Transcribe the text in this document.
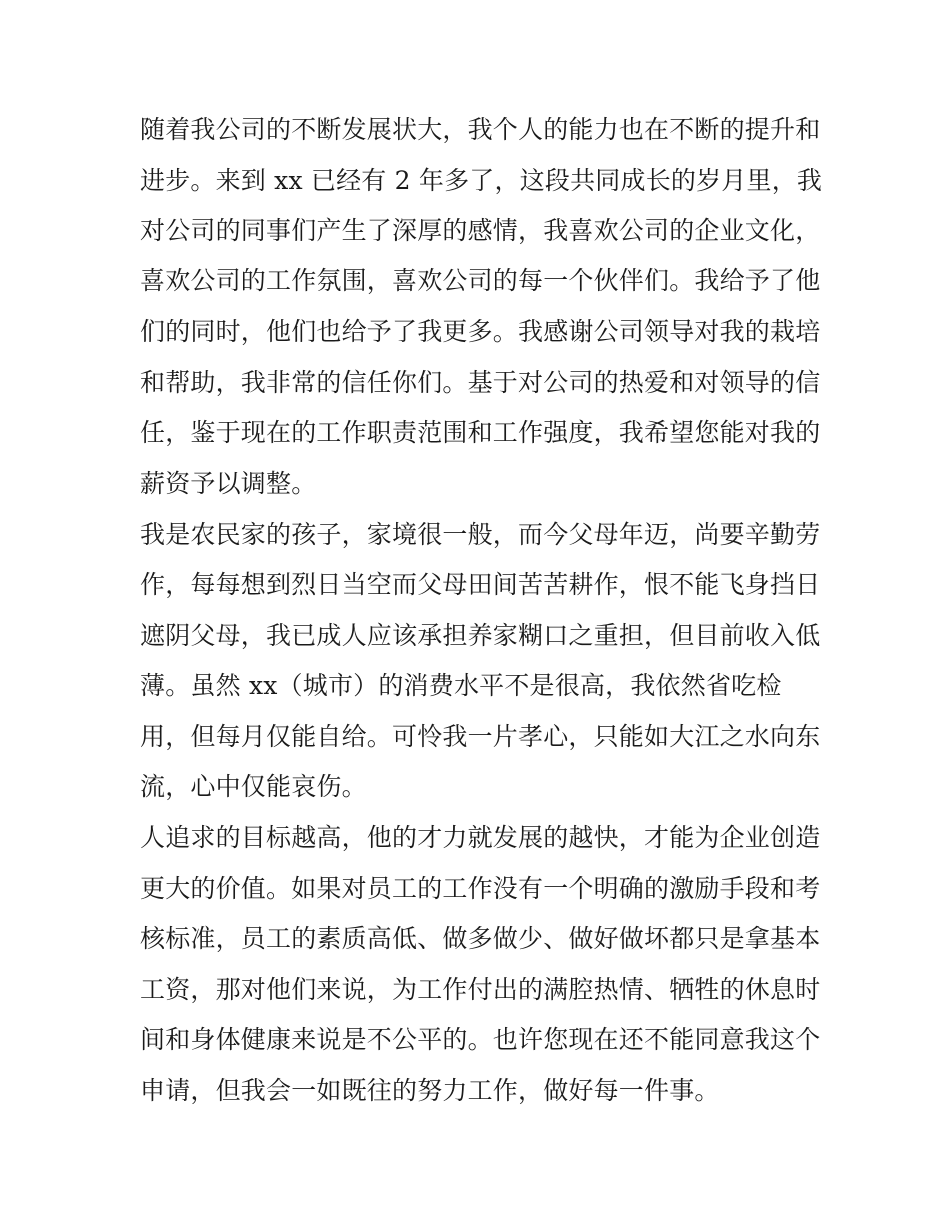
随着我公司的不断发展状大，我个人的能力也在不断的提升和

进步。来到 xx 已经有 2 年多了，这段共同成长的岁月里，我

对公司的同事们产生了深厚的感情，我喜欢公司的企业文化，

喜欢公司的工作氛围，喜欢公司的每一个伙伴们。我给予了他

们的同时，他们也给予了我更多。我感谢公司领导对我的栽培

和帮助，我非常的信任你们。基于对公司的热爱和对领导的信

任，鉴于现在的工作职责范围和工作强度，我希望您能对我的

薪资予以调整。

我是农民家的孩子，家境很一般，而今父母年迈，尚要辛勤劳

作，每每想到烈日当空而父母田间苦苦耕作，恨不能飞身挡日

遮阴父母，我已成人应该承担养家糊口之重担，但目前收入低

薄。虽然 xx（城市）的消费水平不是很高，我依然省吃检

用，但每月仅能自给。可怜我一片孝心，只能如大江之水向东

流，心中仅能哀伤。

人追求的目标越高，他的才力就发展的越快，才能为企业创造

更大的价值。如果对员工的工作没有一个明确的激励手段和考

核标准，员工的素质高低、做多做少、做好做坏都只是拿基本

工资，那对他们来说，为工作付出的满腔热情、牺牲的休息时

间和身体健康来说是不公平的。也许您现在还不能同意我这个

申请，但我会一如既往的努力工作，做好每一件事。
